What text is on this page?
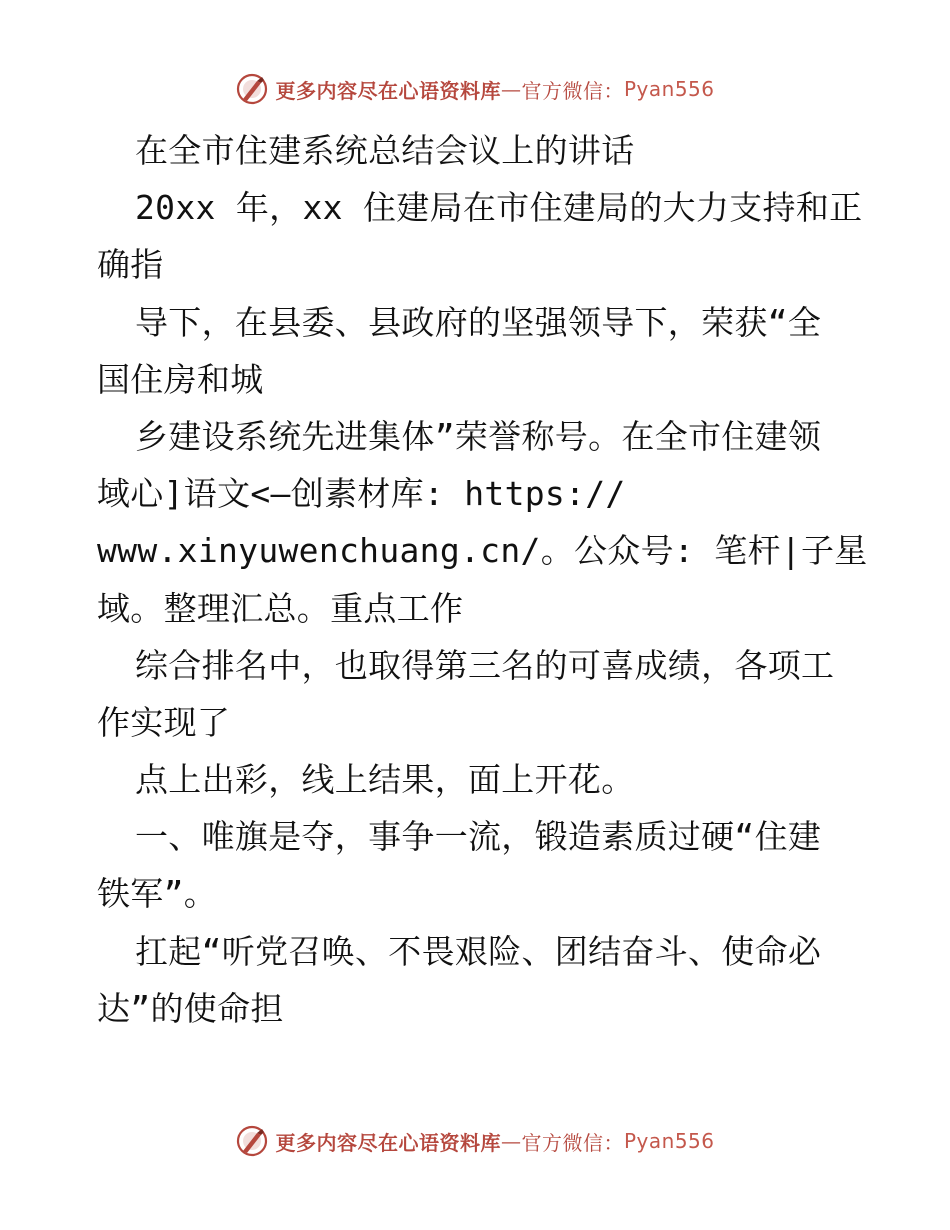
更多内容尽在心语资料库 — 官方微信 ： Pyan556
在全市住建系统总结会议上的讲话
20xx 年，xx 住建局在市住建局的大力支持和正
确指
导下，在县委、县政府的坚强领导下，荣获“全
国住房和城
乡建设系统先进集体”荣誉称号。在全市住建领
域心]语文<—创素材库: https://
www.xinyuwenchuang.cn/。公众号: 笔杆|子星
域。整理汇总。重点工作
综合排名中，也取得第三名的可喜成绩，各项工
作实现了
点上出彩，线上结果，面上开花。
一、唯旗是夺，事争一流，锻造素质过硬“住建
铁军”。
扛起“听党召唤、不畏艰险、团结奋斗、使命必
达”的使命担
更多内容尽在心语资料库 — 官方微信 ： Pyan556
